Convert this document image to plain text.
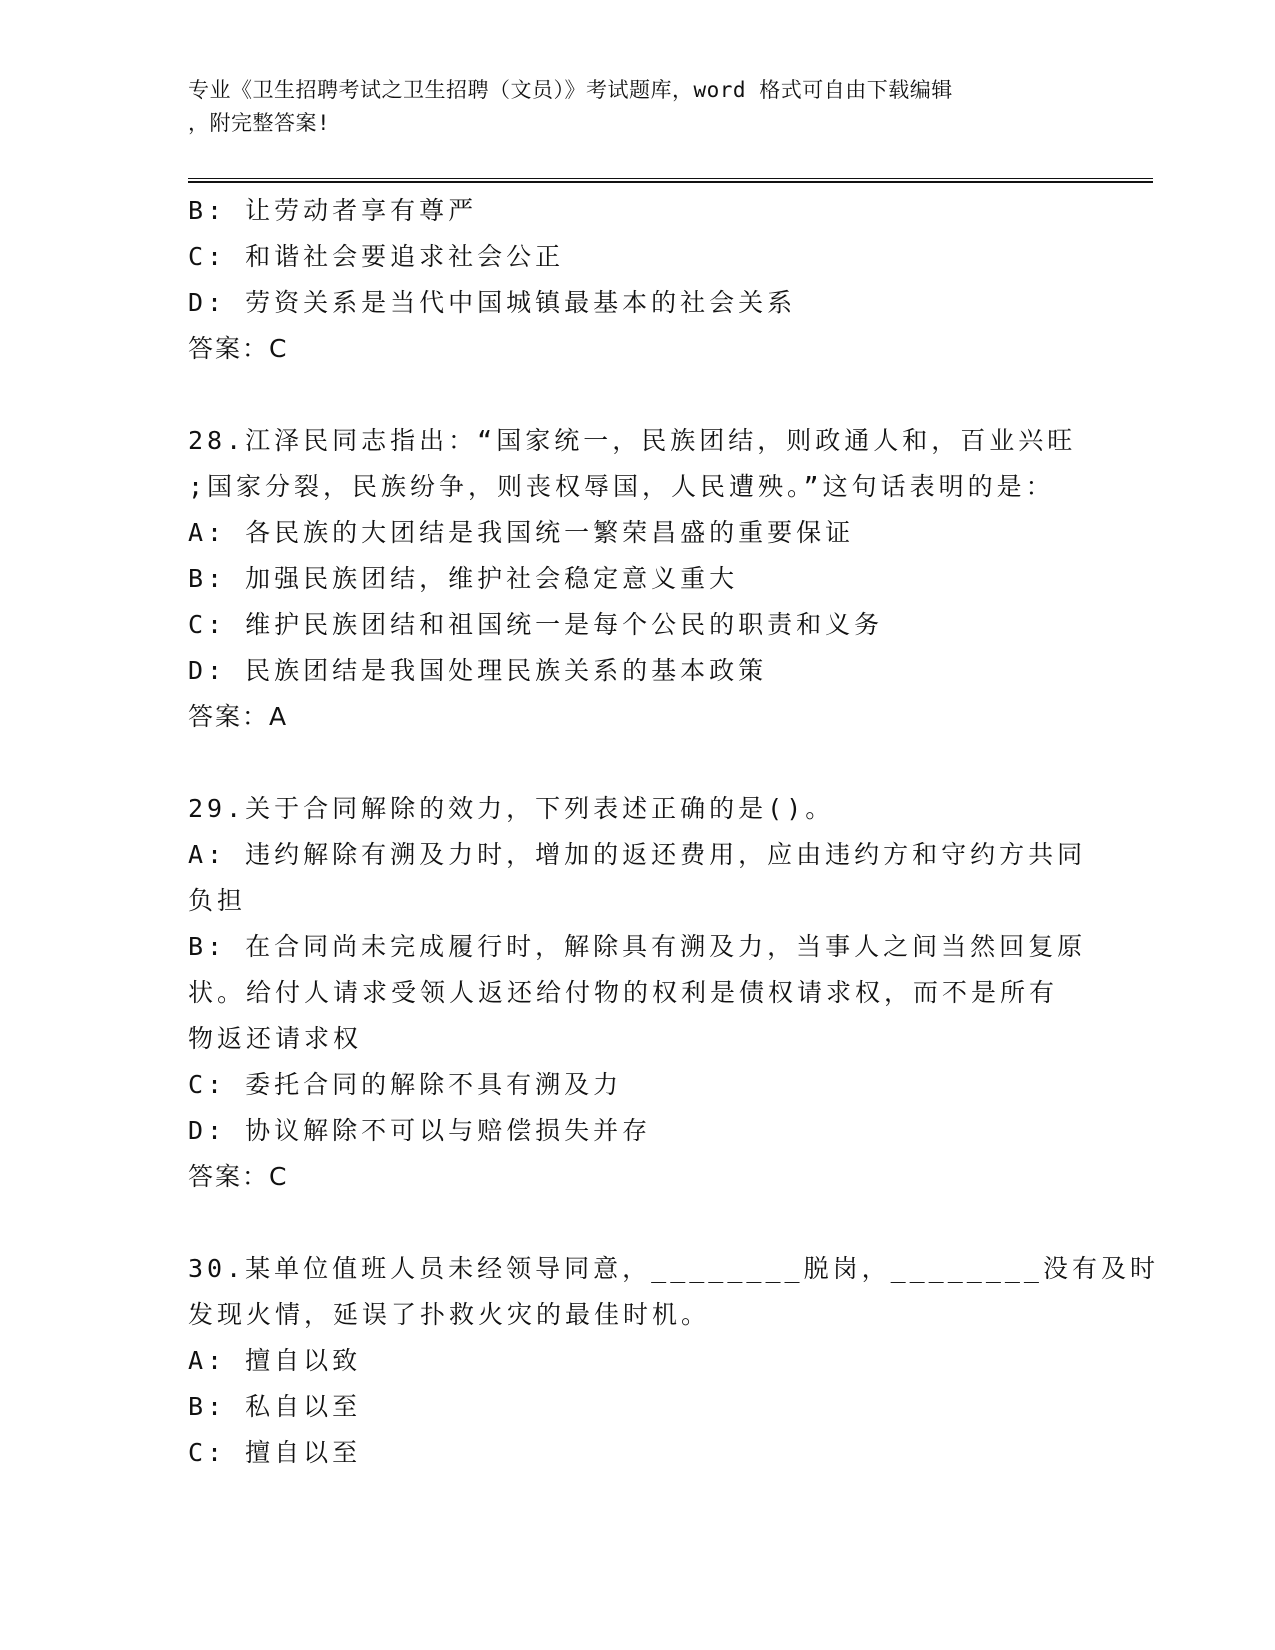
专业《卫生招聘考试之卫生招聘（文员）》考试题库，word 格式可自由下载编辑
，附完整答案!
B: 让劳动者享有尊严
C: 和谐社会要追求社会公正
D: 劳资关系是当代中国城镇最基本的社会关系
答案：C
28.江泽民同志指出：“国家统一，民族团结，则政通人和，百业兴旺
;国家分裂，民族纷争，则丧权辱国，人民遭殃。”这句话表明的是：
A: 各民族的大团结是我国统一繁荣昌盛的重要保证
B: 加强民族团结，维护社会稳定意义重大
C: 维护民族团结和祖国统一是每个公民的职责和义务
D: 民族团结是我国处理民族关系的基本政策
答案：A
29.关于合同解除的效力，下列表述正确的是()。
A: 违约解除有溯及力时，增加的返还费用，应由违约方和守约方共同
负担
B: 在合同尚未完成履行时，解除具有溯及力，当事人之间当然回复原
状。给付人请求受领人返还给付物的权利是债权请求权，而不是所有
物返还请求权
C: 委托合同的解除不具有溯及力
D: 协议解除不可以与赔偿损失并存
答案：C
30.某单位值班人员未经领导同意，________脱岗，________没有及时
发现火情，延误了扑救火灾的最佳时机。
A: 擅自以致
B: 私自以至
C: 擅自以至
